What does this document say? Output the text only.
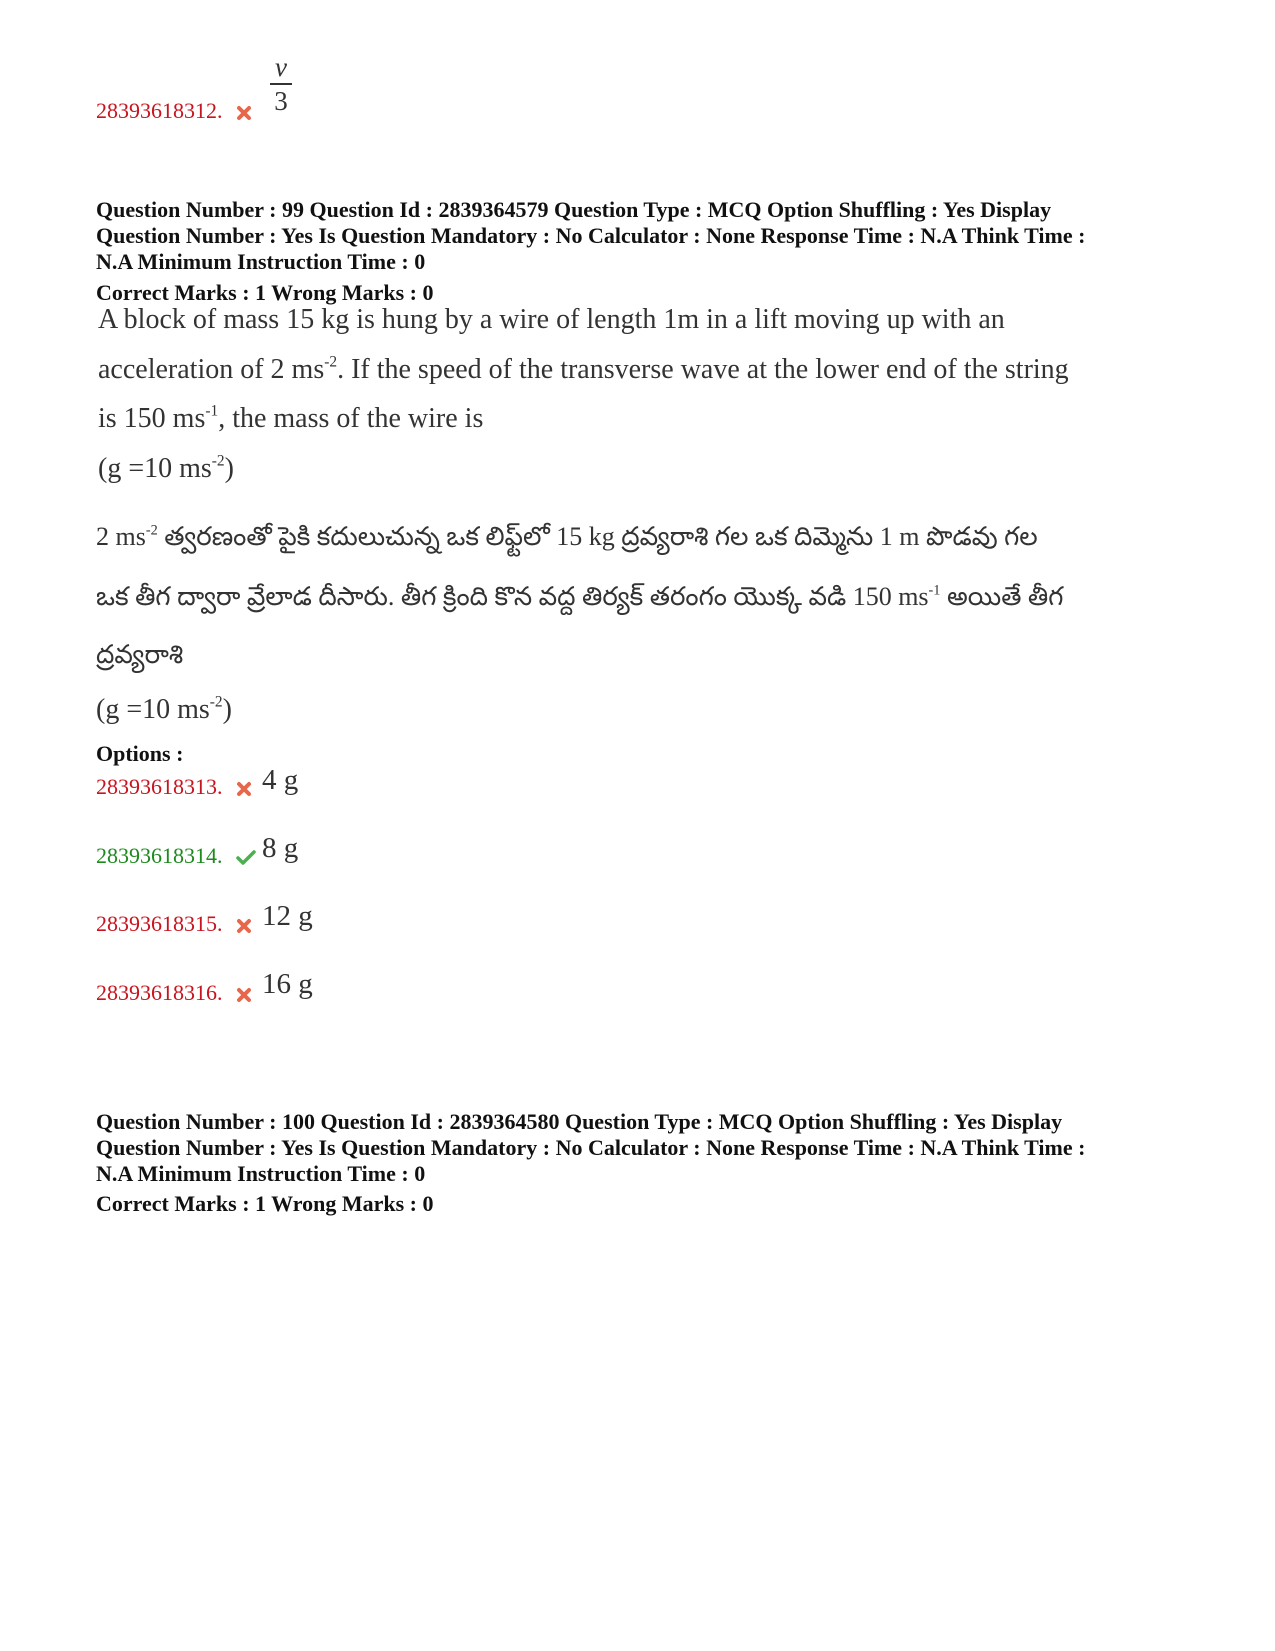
28393618312.
v
3
Question Number : 99 Question Id : 2839364579 Question Type : MCQ Option Shuffling : Yes Display
Question Number : Yes Is Question Mandatory : No Calculator : None Response Time : N.A Think Time :
N.A Minimum Instruction Time : 0
Correct Marks : 1 Wrong Marks : 0
A block of mass 15 kg is hung by a wire of length 1m in a lift moving up with an
acceleration of 2 $ms^{-2}$. If the speed of the transverse wave at the lower end of the string
is 150 $ms^{-1}$, the mass of the wire is
(g =10 $ms^{-2}$)
2 $ms^{-2}$ త్వరణంతో పైకి కదులుచున్న ఒక లిఫ్ట్‌లో 15 kg ద్రవ్యరాశి గల ఒక దిమ్మెను 1 m పొడవు గల
ఒక తీగ ద్వారా వ్రేలాడ దీసారు. తీగ క్రింది కొన వద్ద తిర్యక్ తరంగం యొక్క వడి 150 $ms^{-1}$ అయితే తీగ
ద్రవ్యరాశి
(g =10 $ms^{-2}$)
Options :
28393618313.	4 g
28393618314.	8 g
28393618315.	12 g
28393618316.	16 g
Question Number : 100 Question Id : 2839364580 Question Type : MCQ Option Shuffling : Yes Display
Question Number : Yes Is Question Mandatory : No Calculator : None Response Time : N.A Think Time :
N.A Minimum Instruction Time : 0
Correct Marks : 1 Wrong Marks : 0
